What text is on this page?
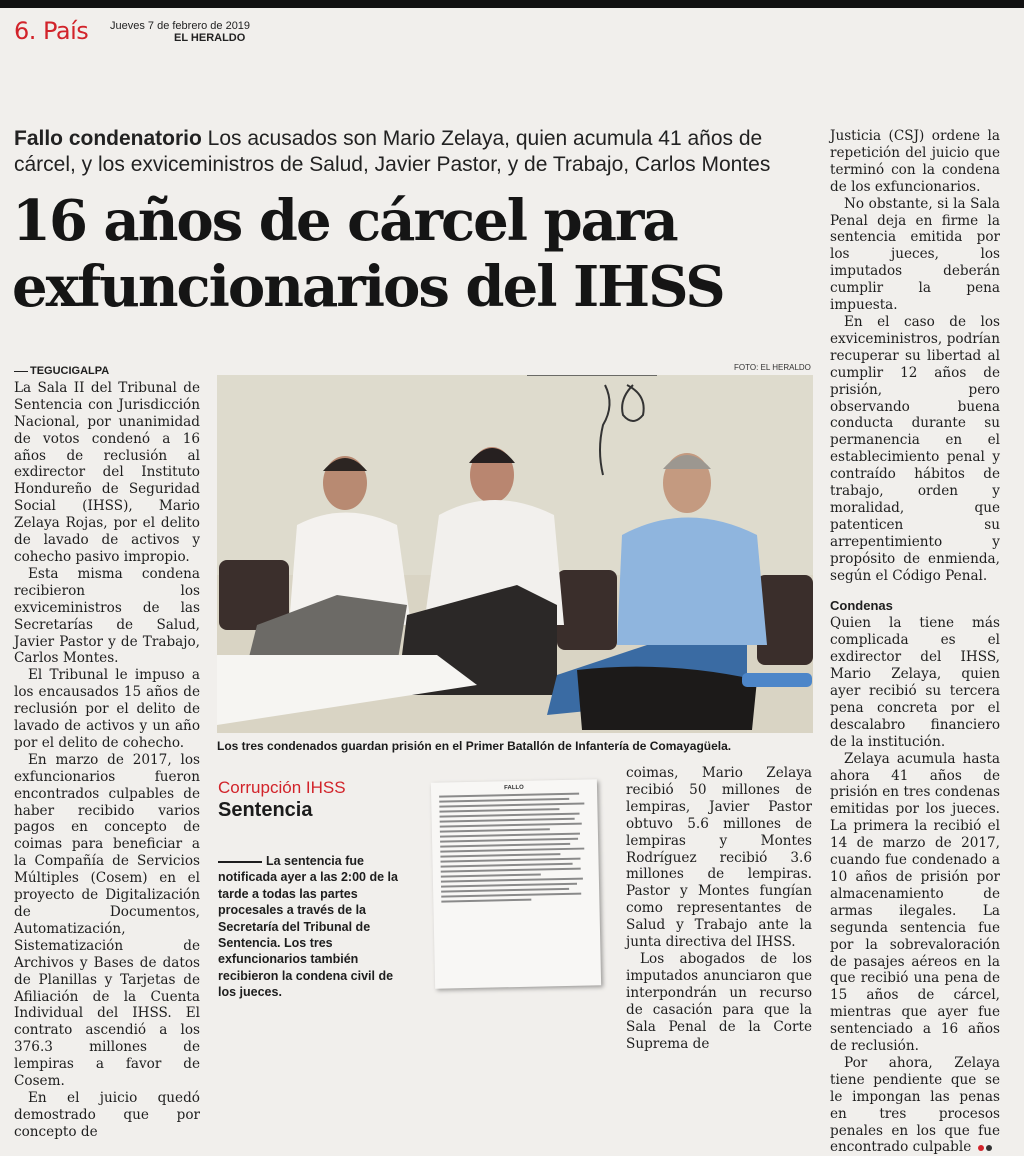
6. País Jueves 7 de febrero de 2019
EL HERALDO
Fallo condenatorio Los acusados son Mario Zelaya, quien acumula 41 años de cárcel, y los exviceministros de Salud, Javier Pastor, y de Trabajo, Carlos Montes
16 años de cárcel para exfuncionarios del IHSS

TEGUCIGALPA

La Sala II del Tribunal de Sentencia con Jurisdicción Nacional, por unanimidad de votos condenó a 16 años de reclusión al exdirector del Instituto Hondureño de Seguridad Social (IHSS), Mario Zelaya Rojas, por el delito de lavado de activos y cohecho pasivo impropio.

Esta misma condena recibieron los exviceministros de las Secretarías de Salud, Javier Pastor y de Trabajo, Carlos Montes.

El Tribunal le impuso a los encausados 15 años de reclusión por el delito de lavado de activos y un año por el delito de cohecho.

En marzo de 2017, los exfuncionarios fueron encontrados culpables de haber recibido varios pagos en concepto de coimas para beneficiar a la Compañía de Servicios Múltiples (Cosem) en el proyecto de Digitalización de Documentos, Automatización, Sistematización de Archivos y Bases de datos de Planillas y Tarjetas de Afiliación de la Cuenta Individual del IHSS. El contrato ascendió a los 376.3 millones de lempiras a favor de Cosem.

En el juicio quedó demostrado que por concepto de

FOTO: EL HERALDO
Los tres condenados guardan prisión en el Primer Batallón de Infantería de Comayagüela.
Corrupción IHSS
Sentencia
La sentencia fue notificada ayer a las 2:00 de la tarde a todas las partes procesales a través de la Secretaría del Tribunal de Sentencia. Los tres exfuncionarios también recibieron la condena civil de los jueces.
FALLO

coimas, Mario Zelaya recibió 50 millones de lempiras, Javier Pastor obtuvo 5.6 millones de lempiras y Montes Rodríguez recibió 3.6 millones de lempiras. Pastor y Montes fungían como representantes de Salud y Trabajo ante la junta directiva del IHSS.

Los abogados de los imputados anunciaron que interpondrán un recurso de casación para que la Sala Penal de la Corte Suprema de

Justicia (CSJ) ordene la repetición del juicio que terminó con la condena de los exfuncionarios.

No obstante, si la Sala Penal deja en firme la sentencia emitida por los jueces, los imputados deberán cumplir la pena impuesta.

En el caso de los exviceministros, podrían recuperar su libertad al cumplir 12 años de prisión, pero observando buena conducta durante su permanencia en el establecimiento penal y contraído hábitos de trabajo, orden y moralidad, que patenticen su arrepentimiento y propósito de enmienda, según el Código Penal.

Condenas

Quien la tiene más complicada es el exdirector del IHSS, Mario Zelaya, quien ayer recibió su tercera pena concreta por el descalabro financiero de la institución.

Zelaya acumula hasta ahora 41 años de prisión en tres condenas emitidas por los jueces. La primera la recibió el 14 de marzo de 2017, cuando fue condenado a 10 años de prisión por almacenamiento de armas ilegales. La segunda sentencia fue por la sobrevaloración de pasajes aéreos en la que recibió una pena de 15 años de cárcel, mientras que ayer fue sentenciado a 16 años de reclusión.

Por ahora, Zelaya tiene pendiente que se le impongan las penas en tres procesos penales en los que fue encontrado culpable
